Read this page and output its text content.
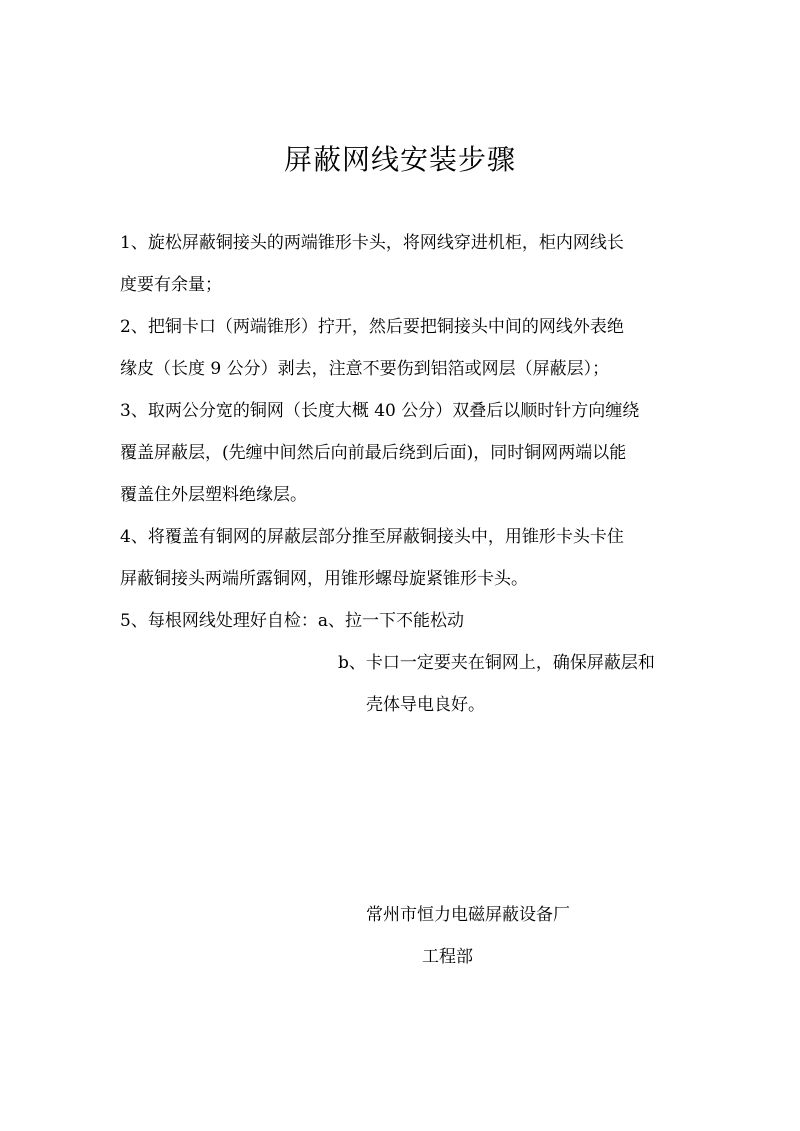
屏蔽网线安装步骤
1、旋松屏蔽铜接头的两端锥形卡头，将网线穿进机柜，柜内网线长
度要有余量；
2、把铜卡口（两端锥形）拧开，然后要把铜接头中间的网线外表绝
缘皮（长度 9 公分）剥去，注意不要伤到铝箔或网层（屏蔽层）；
3、取两公分宽的铜网（长度大概 40 公分）双叠后以顺时针方向缠绕
覆盖屏蔽层，(先缠中间然后向前最后绕到后面)，同时铜网两端以能
覆盖住外层塑料绝缘层。
4、将覆盖有铜网的屏蔽层部分推至屏蔽铜接头中，用锥形卡头卡住
屏蔽铜接头两端所露铜网，用锥形螺母旋紧锥形卡头。
5、每根网线处理好自检：a、拉一下不能松动
b、卡口一定要夹在铜网上，确保屏蔽层和
壳体导电良好。
常州市恒力电磁屏蔽设备厂
工程部
